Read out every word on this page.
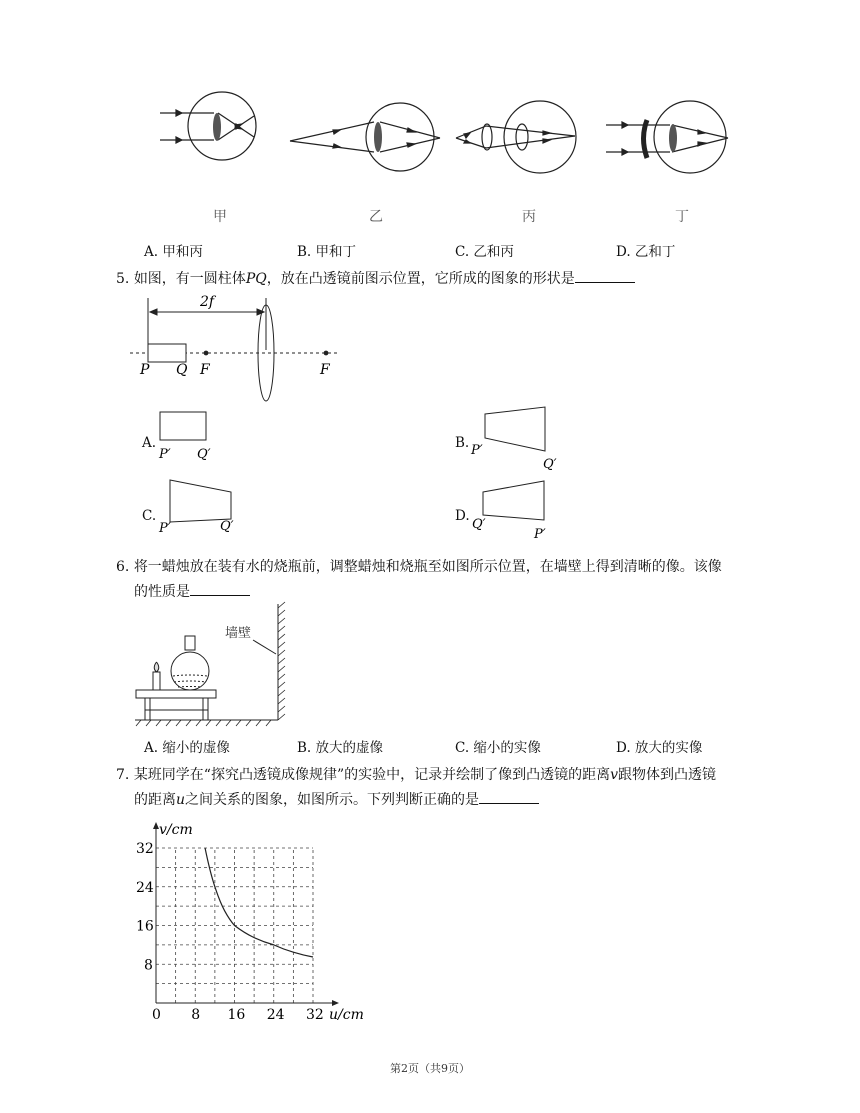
甲	乙	丙	丁
A. 甲和丙	B. 甲和丁	C. 乙和丙	D. 乙和丁
5. 如图，有一圆柱体PQ，放在凸透镜前图示位置，它所成的图象的形状是
2f
P Q F	F
A.
P′ Q′
B. P′
Q′
C.
P′	Q′
D.
Q′
P′
6. 将一蜡烛放在装有水的烧瓶前，调整蜡烛和烧瓶至如图所示位置，在墙壁上得到清晰的像。该像
的性质是
墙壁
A. 缩小的虚像	B. 放大的虚像	C. 缩小的实像	D. 放大的实像
7. 某班同学在“探究凸透镜成像规律”的实验中，记录并绘制了像到凸透镜的距离v跟物体到凸透镜
的距离u之间关系的图象，如图所示。下列判断正确的是
0 8 16 24 32
8
16
24
32
u/cm
v/cm
第2页（共9页）
